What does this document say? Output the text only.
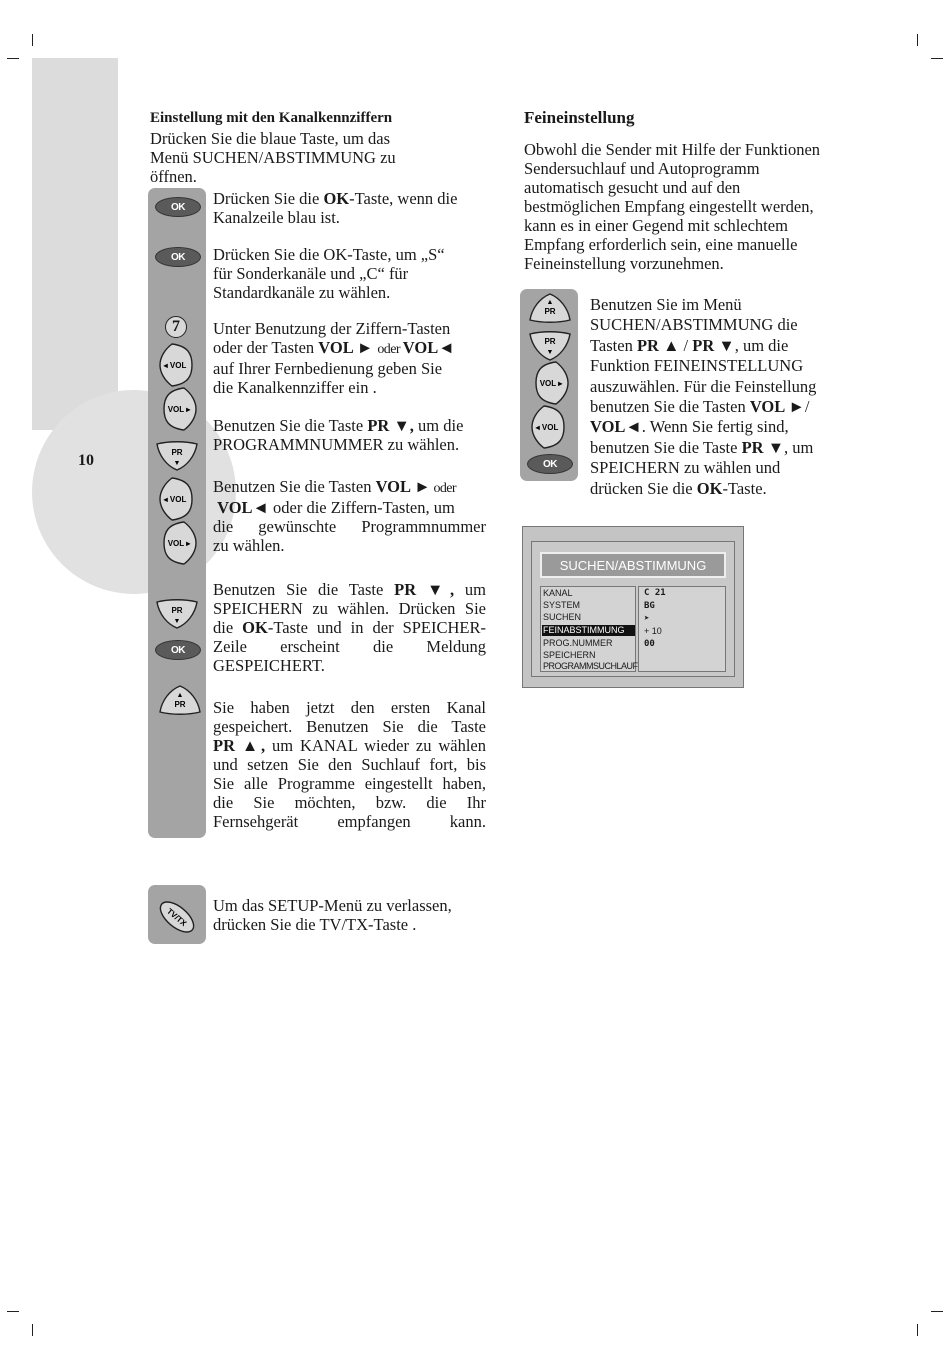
10
OK
OK
7
◂ VOL
VOL ▸
PR
▼
◂ VOL
VOL ▸
PR
▼
OK
▲
PR
TV/TX
▲
PR
PR
▼
VOL ▸
◂ VOL
OK
Einstellung mit den Kanalkennziffern
Drücken Sie die blaue Taste, um das
Menü SUCHEN/ABSTIMMUNG zu
öffnen.
Drücken Sie die OK-Taste, wenn die
Kanalzeile blau ist.
Drücken Sie die OK-Taste, um „S“
für Sonderkanäle und „C“ für
Standardkanäle zu wählen.
Unter Benutzung der Ziffern-Tasten
oder der Tasten VOL ► oder VOL◄
auf Ihrer Fernbedienung geben Sie
die Kanalkennziffer ein .
Benutzen Sie die Taste PR ▼, um die
PROGRAMMNUMMER zu wählen.
Benutzen Sie die Tasten VOL ► oder
VOL◄ oder die Ziffern-Tasten, um
die gewünschte Programmnummer
zu wählen.
Benutzen Sie die Taste PR ▼, um
SPEICHERN zu wählen. Drücken Sie
die OK-Taste und in der SPEICHER-
Zeile erscheint die Meldung
GESPEICHERT.
Sie haben jetzt den ersten Kanal
gespeichert. Benutzen Sie die Taste
PR ▲, um KANAL wieder zu wählen
und setzen Sie den Suchlauf fort, bis
Sie alle Programme eingestellt haben,
die Sie möchten, bzw. die Ihr
Fernsehgerät empfangen kann.
Um das SETUP-Menü zu verlassen,
drücken Sie die TV/TX-Taste .
Feineinstellung
Obwohl die Sender mit Hilfe der Funktionen
Sendersuchlauf und Autoprogramm
automatisch gesucht und auf den
bestmöglichen Empfang eingestellt werden,
kann es in einer Gegend mit schlechtem
Empfang erforderlich sein, eine manuelle
Feineinstellung vorzunehmen.
Benutzen Sie im Menü
SUCHEN/ABSTIMMUNG die
Tasten PR ▲ / PR ▼, um die
Funktion FEINEINSTELLUNG
auszuwählen. Für die Feinstellung
benutzen Sie die Tasten VOL ►/
VOL◄. Wenn Sie fertig sind,
benutzen Sie die Taste PR ▼, um
SPEICHERN zu wählen und
drücken Sie die OK-Taste.
SUCHEN/ABSTIMMUNG
KANAL
SYSTEM
SUCHEN
FEINABSTIMMUNG
PROG.NUMMER
SPEICHERN
PROGRAMMSUCHLAUF
C 21
BG
➤
+ 10
00
